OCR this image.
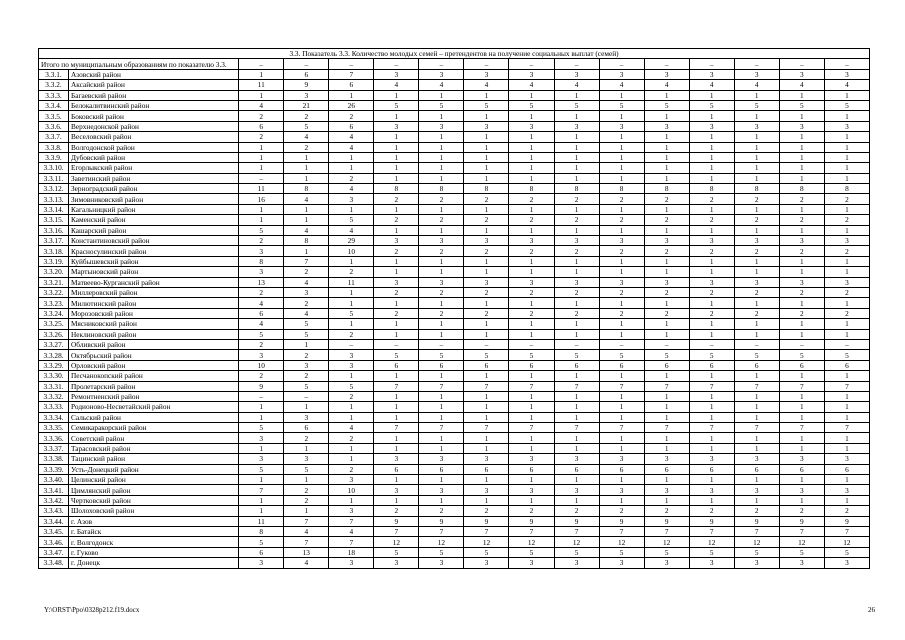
3.3. Показатель 3.3. Количество молодых семей – претендентов на получение социальных выплат (семей)															
Итого по муниципальным образованиям по показателю 3.3.		–	–	–	–	–	–	–	–	–	–	–	–	–	–
3.3.1.	Азовский район	1	6	7	3	3	3	3	3	3	3	3	3	3	3
3.3.2.	Аксайский район	11	9	6	4	4	4	4	4	4	4	4	4	4	4
3.3.3.	Багаевский район	1	3	1	1	1	1	1	1	1	1	1	1	1	1
3.3.4.	Белокалитвинский район	4	21	26	5	5	5	5	5	5	5	5	5	5	5
3.3.5.	Боковский район	2	2	2	1	1	1	1	1	1	1	1	1	1	1
3.3.6.	Верхнедонской район	6	5	6	3	3	3	3	3	3	3	3	3	3	3
3.3.7.	Веселовский район	2	4	4	1	1	1	1	1	1	1	1	1	1	1
3.3.8.	Волгодонской район	1	2	4	1	1	1	1	1	1	1	1	1	1	1
3.3.9.	Дубовский район	1	1	1	1	1	1	1	1	1	1	1	1	1	1
3.3.10.	Егорлыкский район	1	1	1	1	1	1	1	1	1	1	1	1	1	1
3.3.11.	Заветинский район	–	1	2	1	1	1	1	1	1	1	1	1	1	1
3.3.12.	Зерноградский район	11	8	4	8	8	8	8	8	8	8	8	8	8	8
3.3.13.	Зимовниковский район	16	4	3	2	2	2	2	2	2	2	2	2	2	2
3.3.14.	Кагальницкий район	1	1	1	1	1	1	1	1	1	1	1	1	1	1
3.3.15.	Каменский район	1	1	5	2	2	2	2	2	2	2	2	2	2	2
3.3.16.	Кашарский район	5	4	4	1	1	1	1	1	1	1	1	1	1	1
3.3.17.	Константиновский район	2	8	29	3	3	3	3	3	3	3	3	3	3	3
3.3.18.	Красносулинский район	3	1	10	2	2	2	2	2	2	2	2	2	2	2
3.3.19.	Куйбышевский район	8	7	1	1	1	1	1	1	1	1	1	1	1	1
3.3.20.	Мартыновский район	3	2	2	1	1	1	1	1	1	1	1	1	1	1
3.3.21.	Матвеево-Курганский район	13	4	11	3	3	3	3	3	3	3	3	3	3	3
3.3.22.	Миллеровский район	2	3	1	2	2	2	2	2	2	2	2	2	2	2
3.3.23.	Милютинский район	4	2	1	1	1	1	1	1	1	1	1	1	1	1
3.3.24.	Морозовский район	6	4	5	2	2	2	2	2	2	2	2	2	2	2
3.3.25.	Мясниковский район	4	5	1	1	1	1	1	1	1	1	1	1	1	1
3.3.26.	Неклиновский район	5	5	2	1	1	1	1	1	1	1	1	1	1	1
3.3.27.	Обливский район	2	1	–	–	–	–	–	–	–	–	–	–	–	–
3.3.28.	Октябрьский район	3	2	3	5	5	5	5	5	5	5	5	5	5	5
3.3.29.	Орловский район	10	3	3	6	6	6	6	6	6	6	6	6	6	6
3.3.30.	Песчанокопский район	2	2	1	1	1	1	1	1	1	1	1	1	1	1
3.3.31.	Пролетарский район	9	5	5	7	7	7	7	7	7	7	7	7	7	7
3.3.32.	Ремонтненский район	–	–	2	1	1	1	1	1	1	1	1	1	1	1
3.3.33.	Родионово-Несветайский район	1	1	1	1	1	1	1	1	1	1	1	1	1	1
3.3.34.	Сальский район	1	3	1	1	1	1	1	1	1	1	1	1	1	1
3.3.35.	Семикаракорский район	5	6	4	7	7	7	7	7	7	7	7	7	7	7
3.3.36.	Советский район	3	2	2	1	1	1	1	1	1	1	1	1	1	1
3.3.37.	Тарасовский район	1	1	1	1	1	1	1	1	1	1	1	1	1	1
3.3.38.	Тацинский район	3	3	1	3	3	3	3	3	3	3	3	3	3	3
3.3.39.	Усть-Донецкий район	5	5	2	6	6	6	6	6	6	6	6	6	6	6
3.3.40.	Целинский район	1	1	3	1	1	1	1	1	1	1	1	1	1	1
3.3.41.	Цимлянский район	7	2	10	3	3	3	3	3	3	3	3	3	3	3
3.3.42.	Чертковский район	1	2	1	1	1	1	1	1	1	1	1	1	1	1
3.3.43.	Шолоховский район	1	1	3	2	2	2	2	2	2	2	2	2	2	2
3.3.44.	г. Азов	11	7	7	9	9	9	9	9	9	9	9	9	9	9
3.3.45.	г. Батайск	8	4	4	7	7	7	7	7	7	7	7	7	7	7
3.3.46.	г. Волгодонск	5	7	7	12	12	12	12	12	12	12	12	12	12	12
3.3.47.	г. Гуково	6	13	18	5	5	5	5	5	5	5	5	5	5	5
3.3.48.	г. Донецк	3	4	3	3	3	3	3	3	3	3	3	3	3	3
Y:\ORST\Ppo\0328p212.f19.docx	26
